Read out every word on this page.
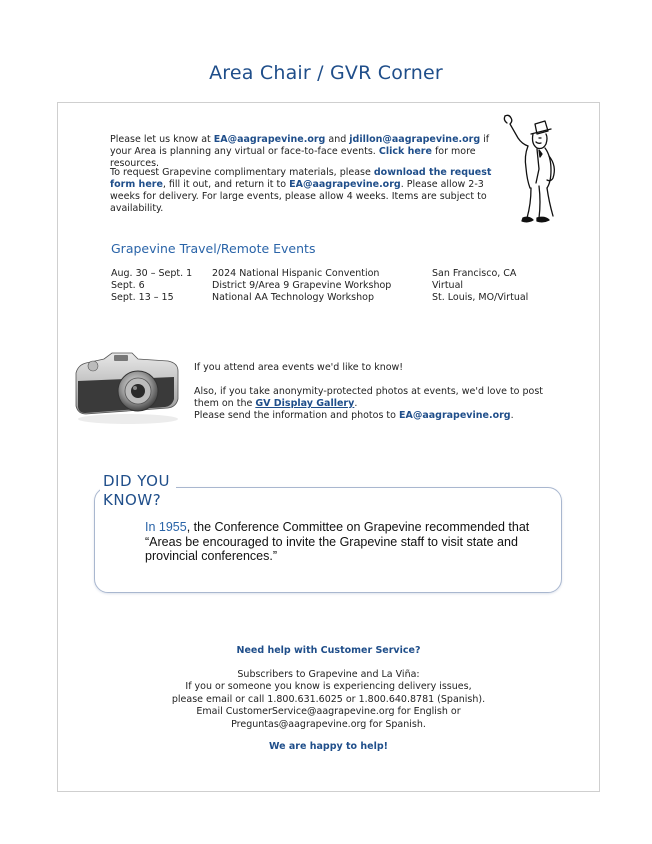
Area Chair / GVR Corner

Please let us know at EA@aagrapevine.org and jdillon@aagrapevine.org if your Area is planning any virtual or face-to-face events. Click here for more resources.

To request Grapevine complimentary materials, please download the request form here, fill it out, and return it to EA@aagrapevine.org. Please allow 2-3 weeks for delivery. For large events, please allow 4 weeks. Items are subject to availability.

Grapevine Travel/Remote Events
Aug. 30 – Sept. 1	2024 National Hispanic Convention	San Francisco, CA
Sept. 6	District 9/Area 9 Grapevine Workshop	Virtual
Sept. 13 – 15	National AA Technology Workshop	St. Louis, MO/Virtual

If you attend area events we'd like to know!

Also, if you take anonymity-protected photos at events, we'd love to post them on the GV Display Gallery.

Please send the information and photos to EA@aagrapevine.org.

DID YOU
KNOW?
In 1955, the Conference Committee on Grapevine recommended that “Areas be encouraged to invite the Grapevine staff to visit state and provincial conferences.”

Need help with Customer Service?

Subscribers to Grapevine and La Viña:

If you or someone you know is experiencing delivery issues,

please email or call 1.800.631.6025 or 1.800.640.8781 (Spanish).

Email CustomerService@aagrapevine.org for English or

Preguntas@aagrapevine.org for Spanish.

We are happy to help!
